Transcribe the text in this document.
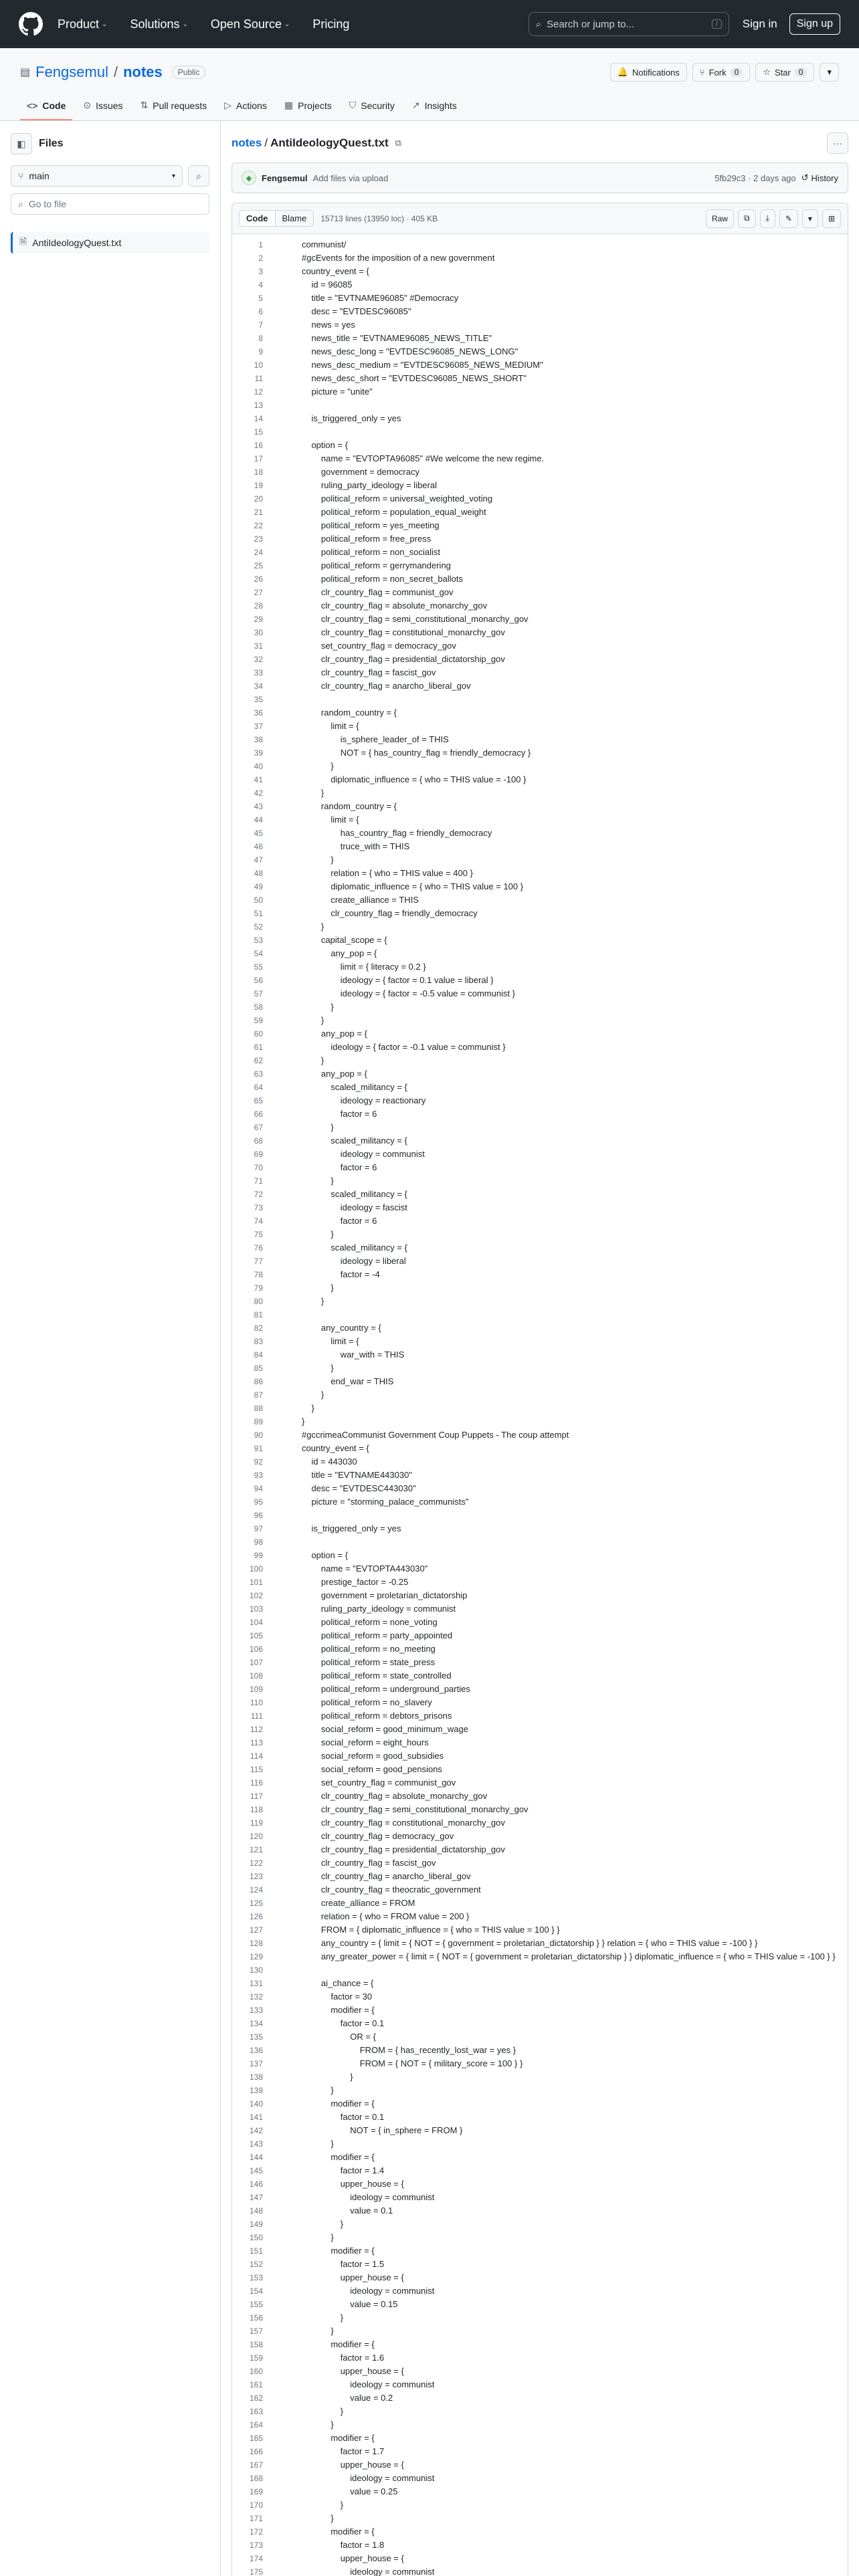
Product ⌄ Solutions ⌄ Open Source ⌄ Pricing	⌕ Search or jump to...	/	Sign in	Sign up
▤ Fengsemul / notes	Public	🔔 Notifications ⑂ Fork	0	☆ Star	0	▾
<> Code ⊙ Issues ⇅ Pull requests ▷ Actions ▦ Projects ⛉ Security ↗ Insights
◧ Files
⑂ main	▾ ⌕
⌕ Go to file
🗎 AntiIdeologyQuest.txt
notes / AntiIdeologyQuest.txt ⧉	···
◆	Fengsemul Add files via upload	5fb29c3 · 2 days ago ↺ History
Code	Blame	15713 lines (13950 loc) · 405 KB	Raw ⧉ ⤓ ✎ ▾ ⊞
1	communist/
2	#gcEvents for the imposition of a new government
3	country_event = {
4		id = 96085
5		title = "EVTNAME96085" #Democracy
6		desc = "EVTDESC96085"
7		news = yes
8		news_title = "EVTNAME96085_NEWS_TITLE"
9		news_desc_long = "EVTDESC96085_NEWS_LONG"
10		news_desc_medium = "EVTDESC96085_NEWS_MEDIUM"
11		news_desc_short = "EVTDESC96085_NEWS_SHORT"
12		picture = "unite"
13
14		is_triggered_only = yes
15
16		option = {
17			name = "EVTOPTA96085" #We welcome the new regime.
18			government = democracy
19			ruling_party_ideology = liberal
20			political_reform = universal_weighted_voting
21			political_reform = population_equal_weight
22			political_reform = yes_meeting
23			political_reform = free_press
24			political_reform = non_socialist
25			political_reform = gerrymandering
26			political_reform = non_secret_ballots
27			clr_country_flag = communist_gov
28			clr_country_flag = absolute_monarchy_gov
29			clr_country_flag = semi_constitutional_monarchy_gov
30			clr_country_flag = constitutional_monarchy_gov
31			set_country_flag = democracy_gov
32			clr_country_flag = presidential_dictatorship_gov
33			clr_country_flag = fascist_gov
34			clr_country_flag = anarcho_liberal_gov
35
36			random_country = {
37				limit = {
38					is_sphere_leader_of = THIS
39					NOT = { has_country_flag = friendly_democracy }
40				}
41				diplomatic_influence = { who = THIS value = -100 }
42			}
43			random_country = {
44				limit = {
45					has_country_flag = friendly_democracy
46					truce_with = THIS
47				}
48				relation = { who = THIS value = 400 }
49				diplomatic_influence = { who = THIS value = 100 }
50				create_alliance = THIS
51				clr_country_flag = friendly_democracy
52			}
53			capital_scope = {
54				any_pop = {
55					limit = { literacy = 0.2 }
56					ideology = { factor = 0.1 value = liberal }
57					ideology = { factor = -0.5 value = communist }
58				}
59			}
60			any_pop = {
61				ideology = { factor = -0.1 value = communist }
62			}
63			any_pop = {
64				scaled_militancy = {
65					ideology = reactionary
66					factor = 6
67				}
68				scaled_militancy = {
69					ideology = communist
70					factor = 6
71				}
72				scaled_militancy = {
73					ideology = fascist
74					factor = 6
75				}
76				scaled_militancy = {
77					ideology = liberal
78					factor = -4
79				}
80			}
81
82			any_country = {
83				limit = {
84					war_with = THIS
85				}
86				end_war = THIS
87			}
88		}
89	}
90	#gccrimeaCommunist Government Coup Puppets - The coup attempt
91	country_event = {
92		id = 443030
93		title = "EVTNAME443030"
94		desc = "EVTDESC443030"
95		picture = "storming_palace_communists"
96
97		is_triggered_only = yes
98
99		option = {
100			name = "EVTOPTA443030"
101			prestige_factor = -0.25
102			government = proletarian_dictatorship
103			ruling_party_ideology = communist
104			political_reform = none_voting
105			political_reform = party_appointed
106			political_reform = no_meeting
107			political_reform = state_press
108			political_reform = state_controlled
109			political_reform = underground_parties
110			political_reform = no_slavery
111			political_reform = debtors_prisons
112			social_reform = good_minimum_wage
113			social_reform = eight_hours
114			social_reform = good_subsidies
115			social_reform = good_pensions
116			set_country_flag = communist_gov
117			clr_country_flag = absolute_monarchy_gov
118			clr_country_flag = semi_constitutional_monarchy_gov
119			clr_country_flag = constitutional_monarchy_gov
120			clr_country_flag = democracy_gov
121			clr_country_flag = presidential_dictatorship_gov
122			clr_country_flag = fascist_gov
123			clr_country_flag = anarcho_liberal_gov
124			clr_country_flag = theocratic_government
125			create_alliance = FROM
126			relation = { who = FROM value = 200 }
127			FROM = { diplomatic_influence = { who = THIS value = 100 } }
128			any_country = { limit = { NOT = { government = proletarian_dictatorship } } relation = { who = THIS value = -100 } }
129			any_greater_power = { limit = { NOT = { government = proletarian_dictatorship } } diplomatic_influence = { who = THIS value = -100 } }
130
131			ai_chance = {
132				factor = 30
133				modifier = {
134					factor = 0.1
135						OR = {
136							FROM = { has_recently_lost_war = yes }
137							FROM = { NOT = { military_score = 100 } }
138						}
139				}
140				modifier = {
141					factor = 0.1
142						NOT = { in_sphere = FROM }
143				}
144				modifier = {
145					factor = 1.4
146					upper_house = {
147						ideology = communist
148						value = 0.1
149					}
150				}
151				modifier = {
152					factor = 1.5
153					upper_house = {
154						ideology = communist
155						value = 0.15
156					}
157				}
158				modifier = {
159					factor = 1.6
160					upper_house = {
161						ideology = communist
162						value = 0.2
163					}
164				}
165				modifier = {
166					factor = 1.7
167					upper_house = {
168						ideology = communist
169						value = 0.25
170					}
171				}
172				modifier = {
173					factor = 1.8
174					upper_house = {
175						ideology = communist
